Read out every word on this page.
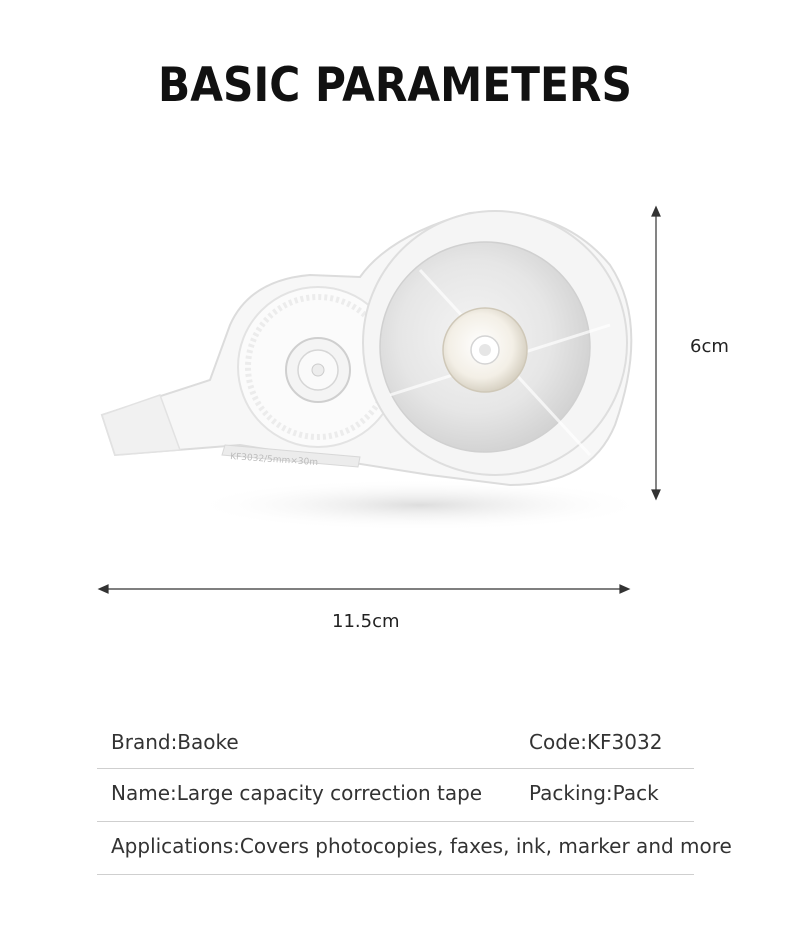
BASIC PARAMETERS
KF3032/5mm×30m
6cm
11.5cm
Brand:Baoke	Code:KF3032
Name:Large capacity correction tape Packing:Pack
Applications:Covers photocopies, faxes, ink, marker and more
